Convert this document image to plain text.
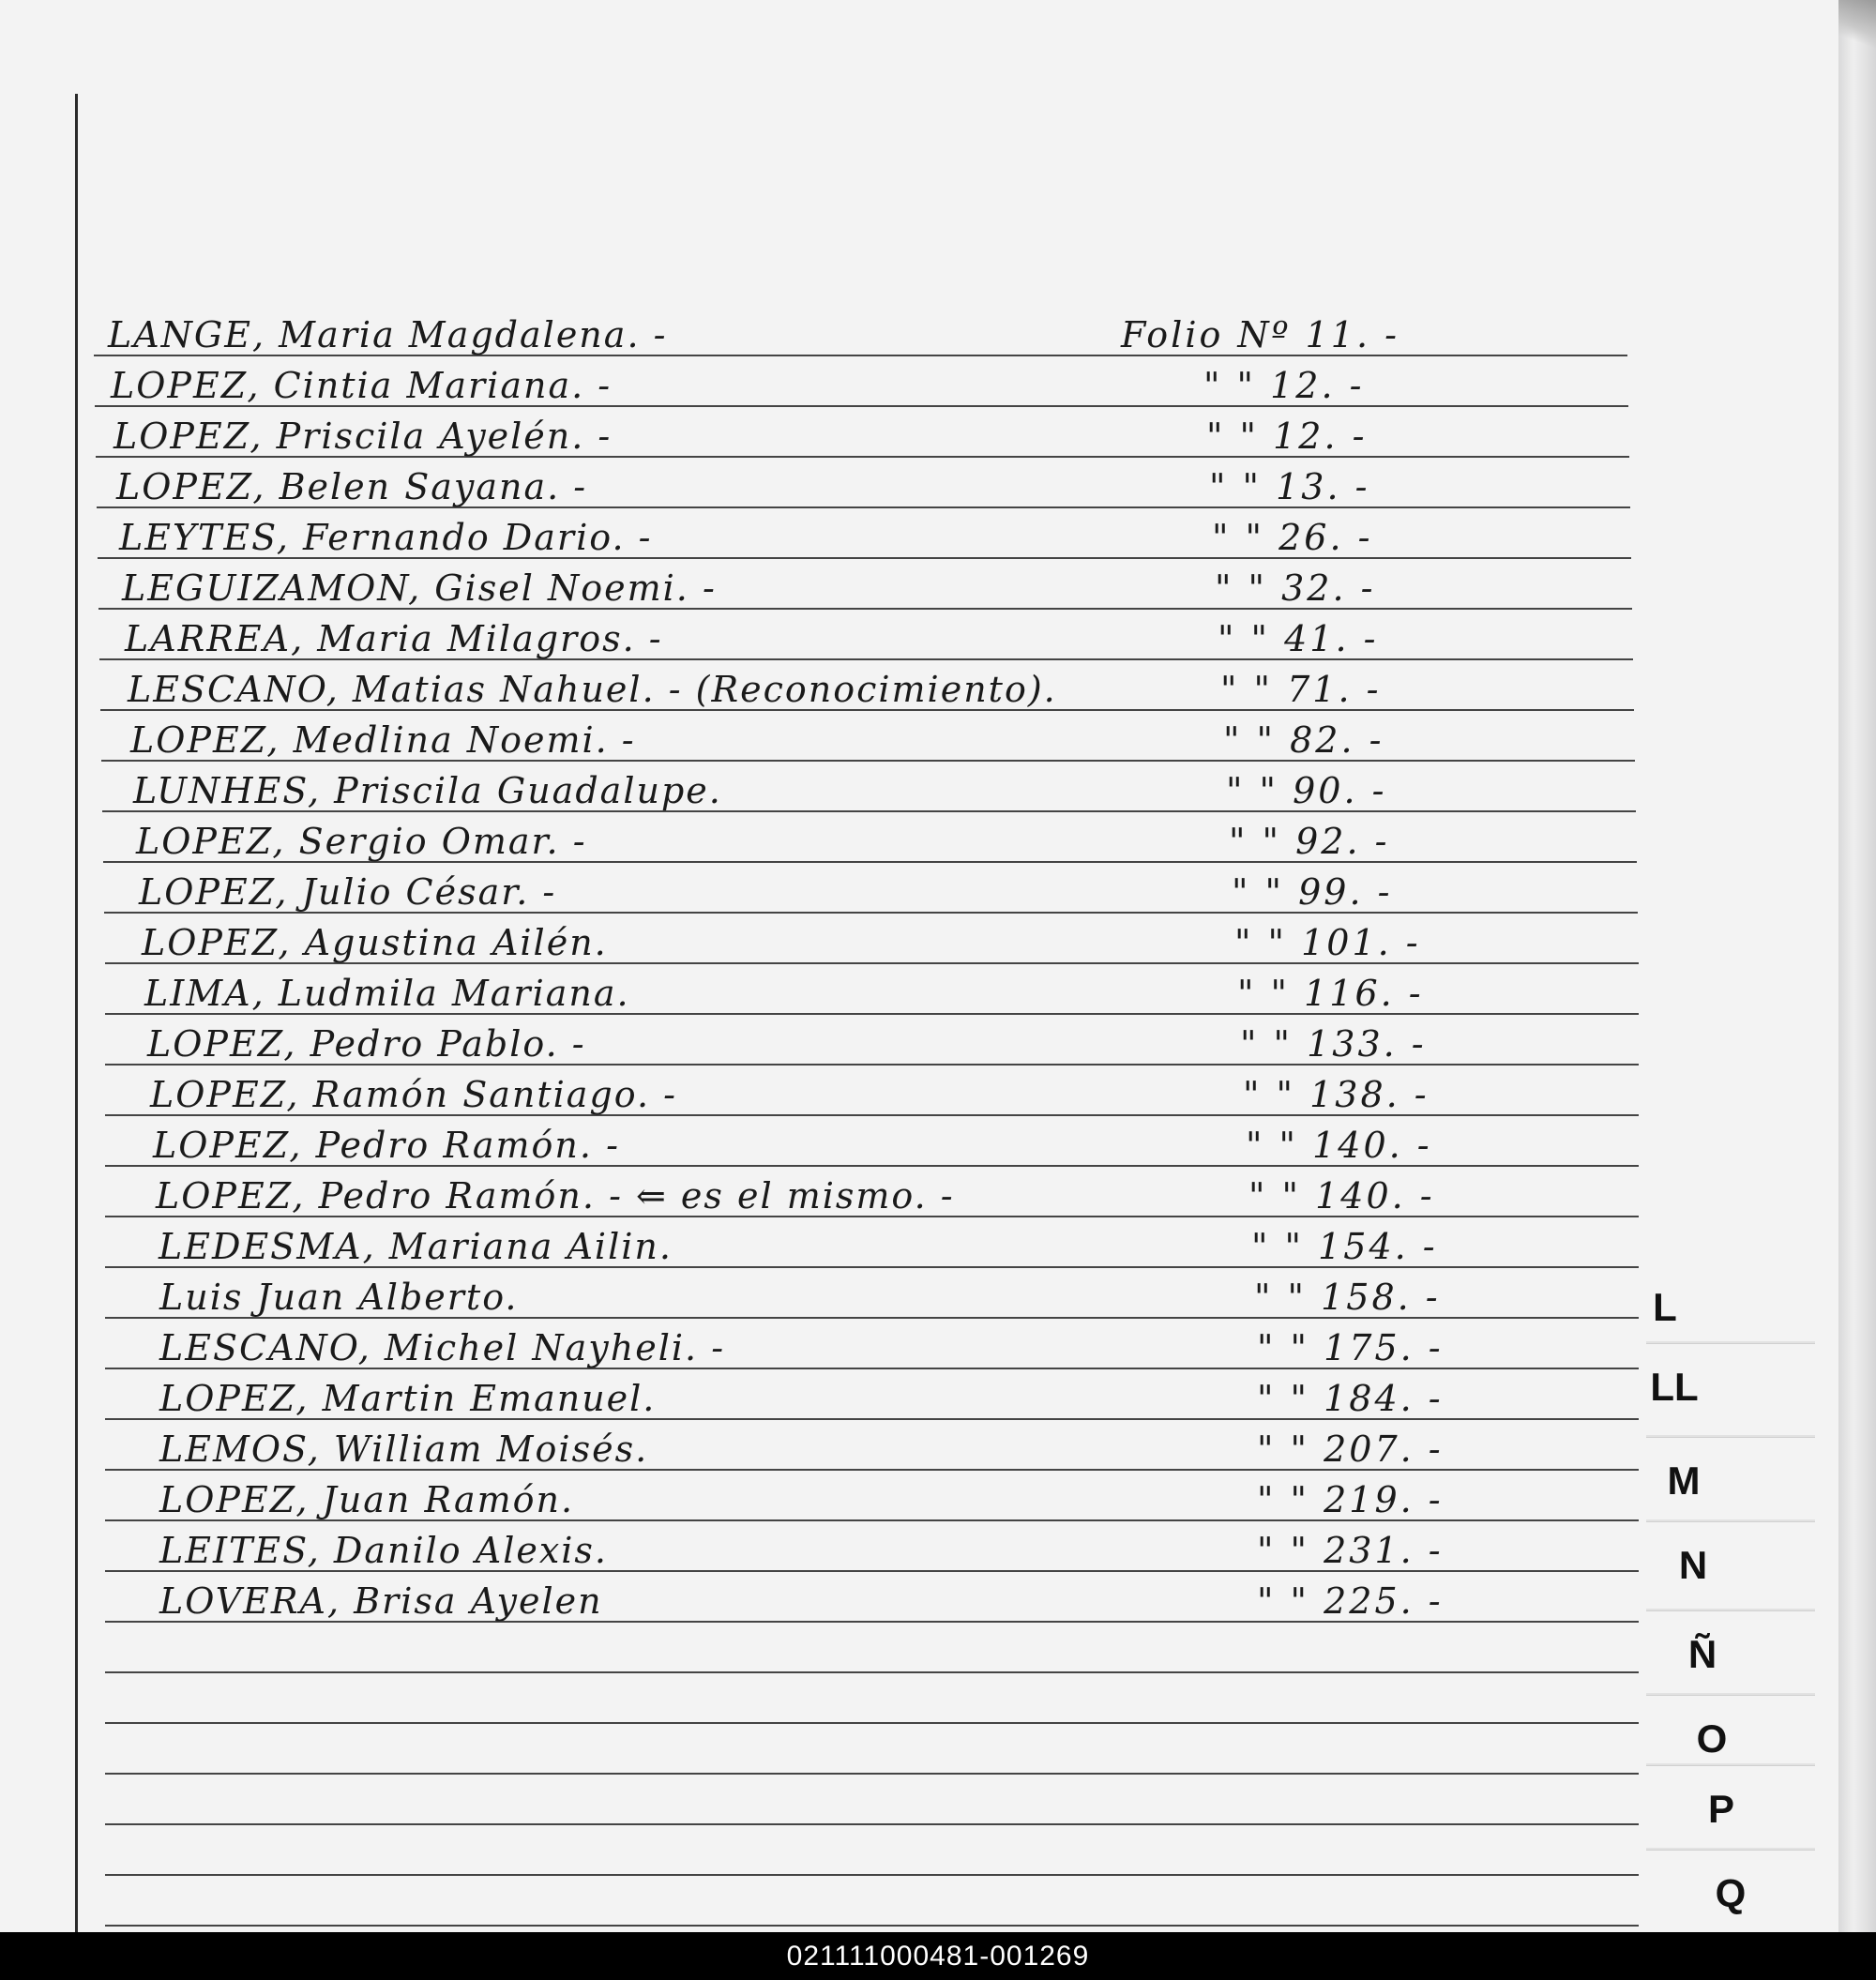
LANGE, Maria Magdalena. -	Folio Nº 11. -
LOPEZ, Cintia Mariana. -	" " 12. -
LOPEZ, Priscila Ayelén. -	" " 12. -
LOPEZ, Belen Sayana. -	" " 13. -
LEYTES, Fernando Dario. -	" " 26. -
LEGUIZAMON, Gisel Noemi. -	" " 32. -
LARREA, Maria Milagros. -	" " 41. -
LESCANO, Matias Nahuel. - (Reconocimiento).	" " 71. -
LOPEZ, Medlina Noemi. -	" " 82. -
LUNHES, Priscila Guadalupe.	" " 90. -
LOPEZ, Sergio Omar. -	" " 92. -
LOPEZ, Julio César. -	" " 99. -
LOPEZ, Agustina Ailén.	" " 101. -
LIMA, Ludmila Mariana.	" " 116. -
LOPEZ, Pedro Pablo. -	" " 133. -
LOPEZ, Ramón Santiago. -	" " 138. -
LOPEZ, Pedro Ramón. -	" " 140. -
LOPEZ, Pedro Ramón. - ⇐ es el mismo. -	" " 140. -
LEDESMA, Mariana Ailin.	" " 154. -
Luis Juan Alberto.	" " 158. -
LESCANO, Michel Nayheli. -	" " 175. -
LOPEZ, Martin Emanuel.	" " 184. -
LEMOS, William Moisés.	" " 207. -
LOPEZ, Juan Ramón.	" " 219. -
LEITES, Danilo Alexis.	" " 231. -
LOVERA, Brisa Ayelen	" " 225. -
L
LL
M
N
Ñ
O
P
Q
021111000481-001269
